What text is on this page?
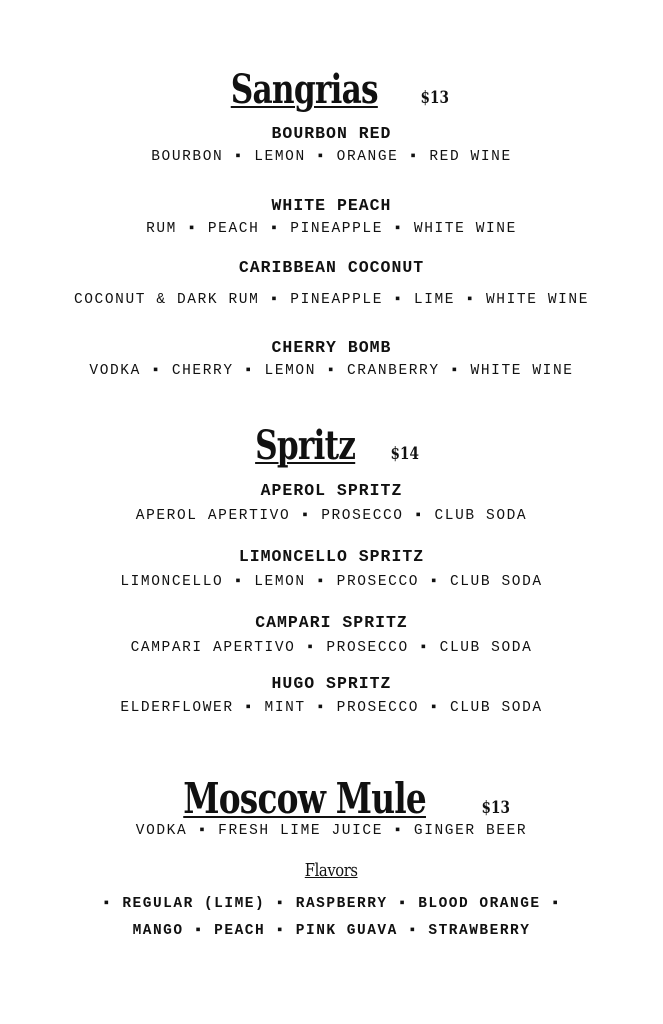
Sangrias $13
BOURBON RED
BOURBON ▪ LEMON ▪ ORANGE ▪ RED WINE
WHITE PEACH
RUM ▪ PEACH ▪ PINEAPPLE ▪ WHITE WINE
CARIBBEAN COCONUT
COCONUT & DARK RUM ▪ PINEAPPLE ▪ LIME ▪ WHITE WINE
CHERRY BOMB
VODKA ▪ CHERRY ▪ LEMON ▪ CRANBERRY ▪ WHITE WINE
Spritz $14
APEROL SPRITZ
APEROL APERTIVO ▪ PROSECCO ▪ CLUB SODA
LIMONCELLO SPRITZ
LIMONCELLO ▪ LEMON ▪ PROSECCO ▪ CLUB SODA
CAMPARI SPRITZ
CAMPARI APERTIVO ▪ PROSECCO ▪ CLUB SODA
HUGO SPRITZ
ELDERFLOWER ▪ MINT ▪ PROSECCO ▪ CLUB SODA
Moscow Mule	$13
VODKA ▪ FRESH LIME JUICE ▪ GINGER BEER
Flavors
▪ REGULAR (LIME) ▪ RASPBERRY ▪ BLOOD ORANGE ▪
MANGO ▪ PEACH ▪ PINK GUAVA ▪ STRAWBERRY
